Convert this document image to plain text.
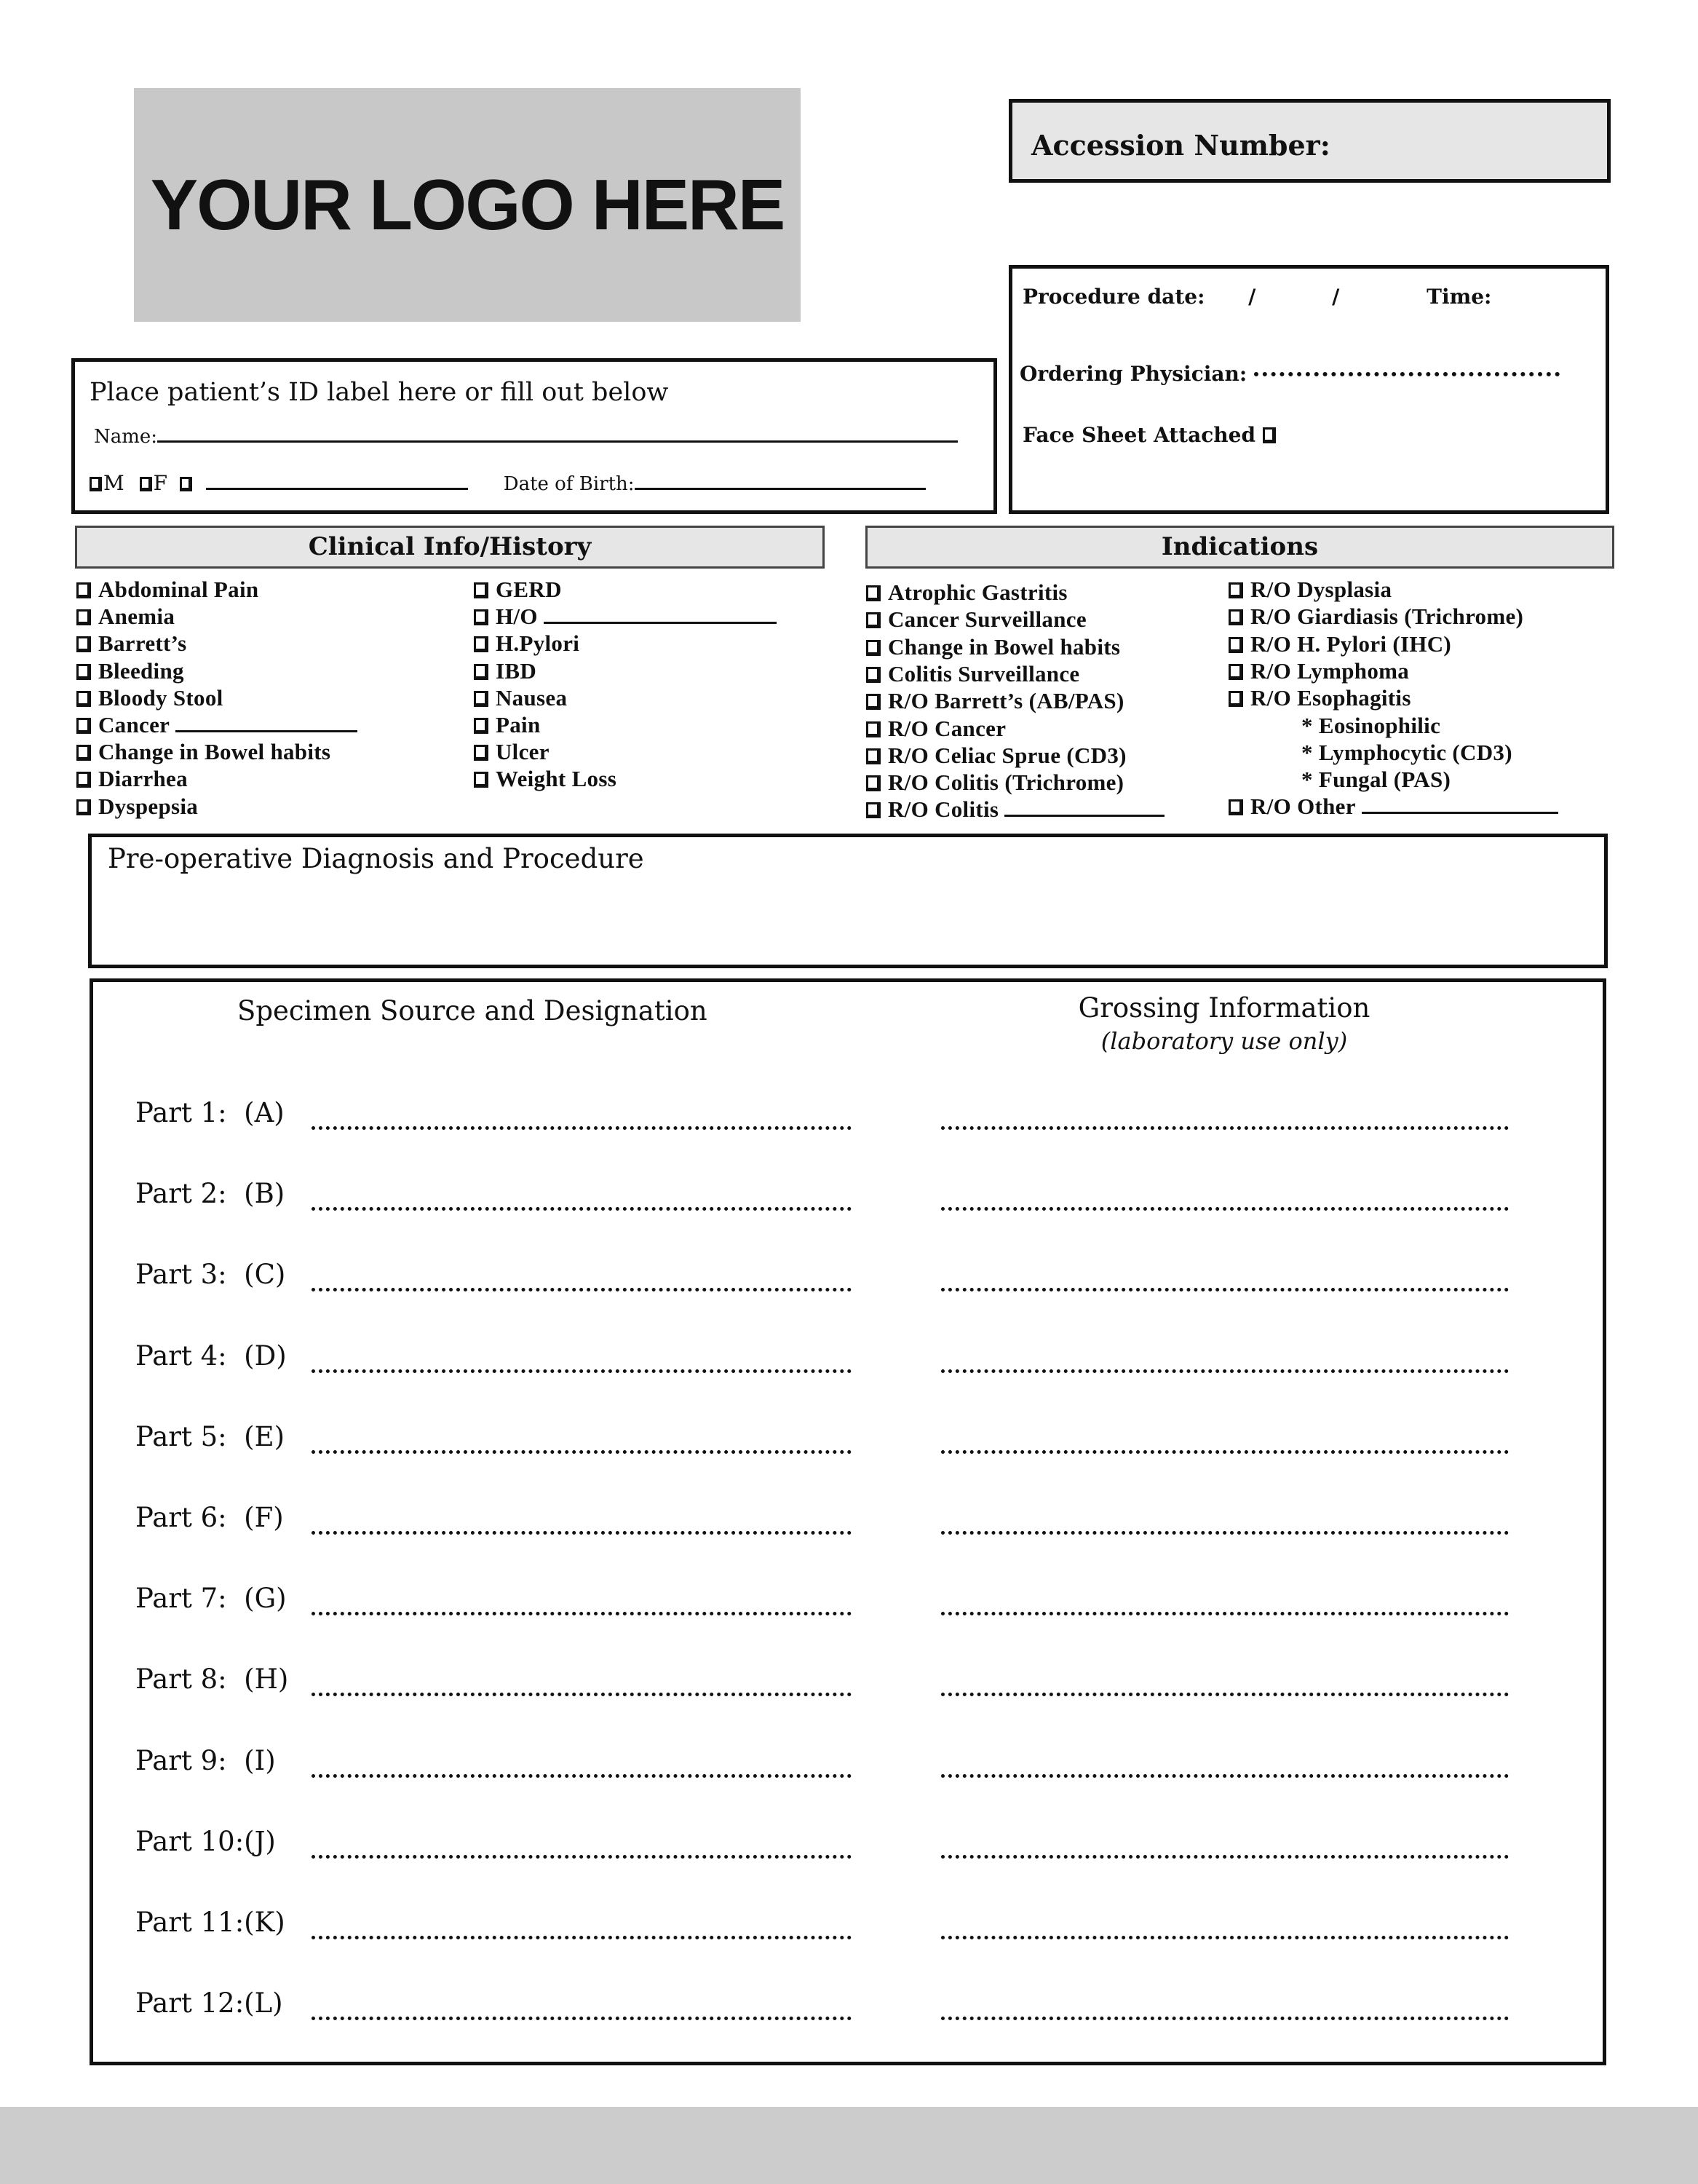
YOUR LOGO HERE
Accession Number:
Procedure date: /	/	Time:
Ordering Physician:
Face Sheet Attached
Place patient’s ID label here or fill out below
Name:
M F	Date of Birth:
Clinical Info/History	Indications
Abdominal Pain
Anemia
Barrett’s
Bleeding
Bloody Stool
Cancer
Change in Bowel habits
Diarrhea
Dyspepsia
GERD
H/O
H.Pylori
IBD
Nausea
Pain
Ulcer
Weight Loss
Atrophic Gastritis
Cancer Surveillance
Change in Bowel habits
Colitis Surveillance
R/O Barrett’s (AB/PAS)
R/O Cancer
R/O Celiac Sprue (CD3)
R/O Colitis (Trichrome)
R/O Colitis
R/O Dysplasia
R/O Giardiasis (Trichrome)
R/O H. Pylori (IHC)
R/O Lymphoma
R/O Esophagitis
* Eosinophilic
* Lymphocytic (CD3)
* Fungal (PAS)
R/O Other
Pre-operative Diagnosis and Procedure
Specimen Source and Designation	Grossing Information
(laboratory use only)
Part 1:  (A)
Part 2:  (B)
Part 3:  (C)
Part 4:  (D)
Part 5:  (E)
Part 6:  (F)
Part 7:  (G)
Part 8:  (H)
Part 9:  (I)
Part 10:(J)
Part 11:(K)
Part 12:(L)
